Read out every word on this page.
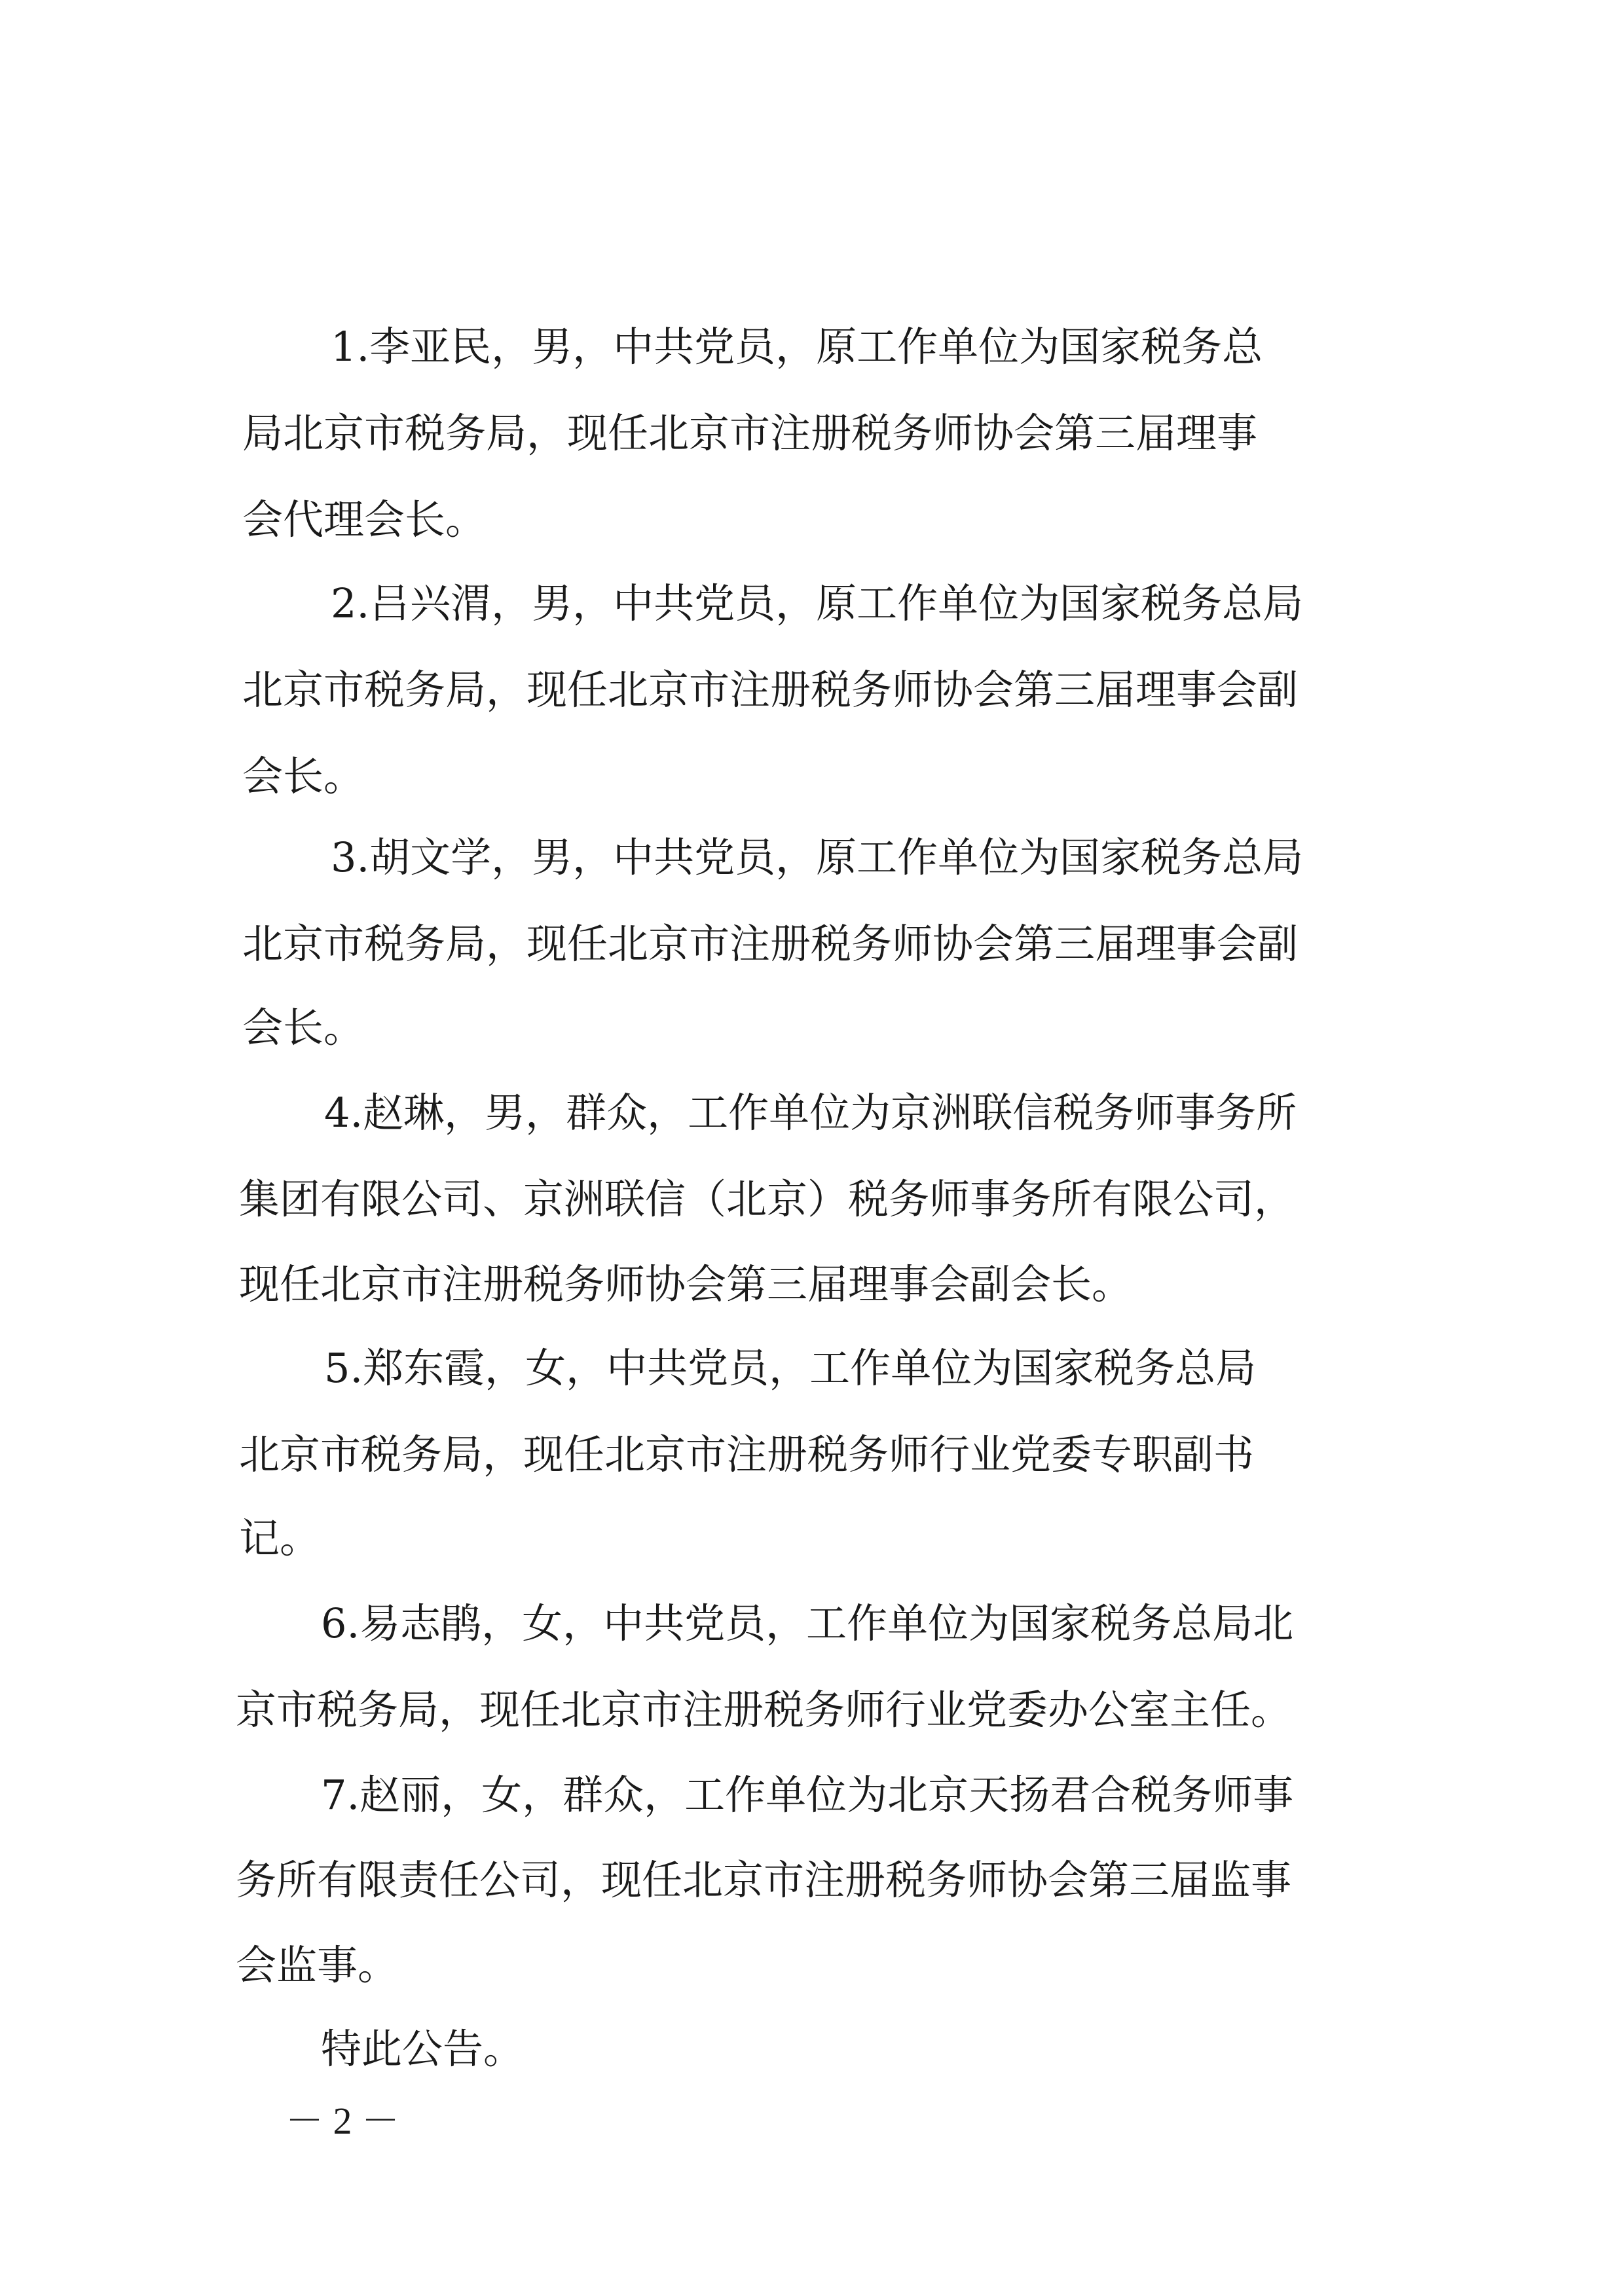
1.李亚民，男，中共党员，原工作单位为国家税务总
局北京市税务局，现任北京市注册税务师协会第三届理事
会代理会长。
2.吕兴渭，男，中共党员，原工作单位为国家税务总局
北京市税务局，现任北京市注册税务师协会第三届理事会副
会长。
3.胡文学，男，中共党员，原工作单位为国家税务总局
北京市税务局，现任北京市注册税务师协会第三届理事会副
会长。
4.赵琳，男，群众，工作单位为京洲联信税务师事务所
集团有限公司、京洲联信（北京）税务师事务所有限公司，
现任北京市注册税务师协会第三届理事会副会长。
5.郑东霞，女，中共党员，工作单位为国家税务总局
北京市税务局，现任北京市注册税务师行业党委专职副书
记。
6.易志鹃，女，中共党员，工作单位为国家税务总局北
京市税务局，现任北京市注册税务师行业党委办公室主任。
7.赵丽，女，群众，工作单位为北京天扬君合税务师事
务所有限责任公司，现任北京市注册税务师协会第三届监事
会监事。
特此公告。
－ 2 －
